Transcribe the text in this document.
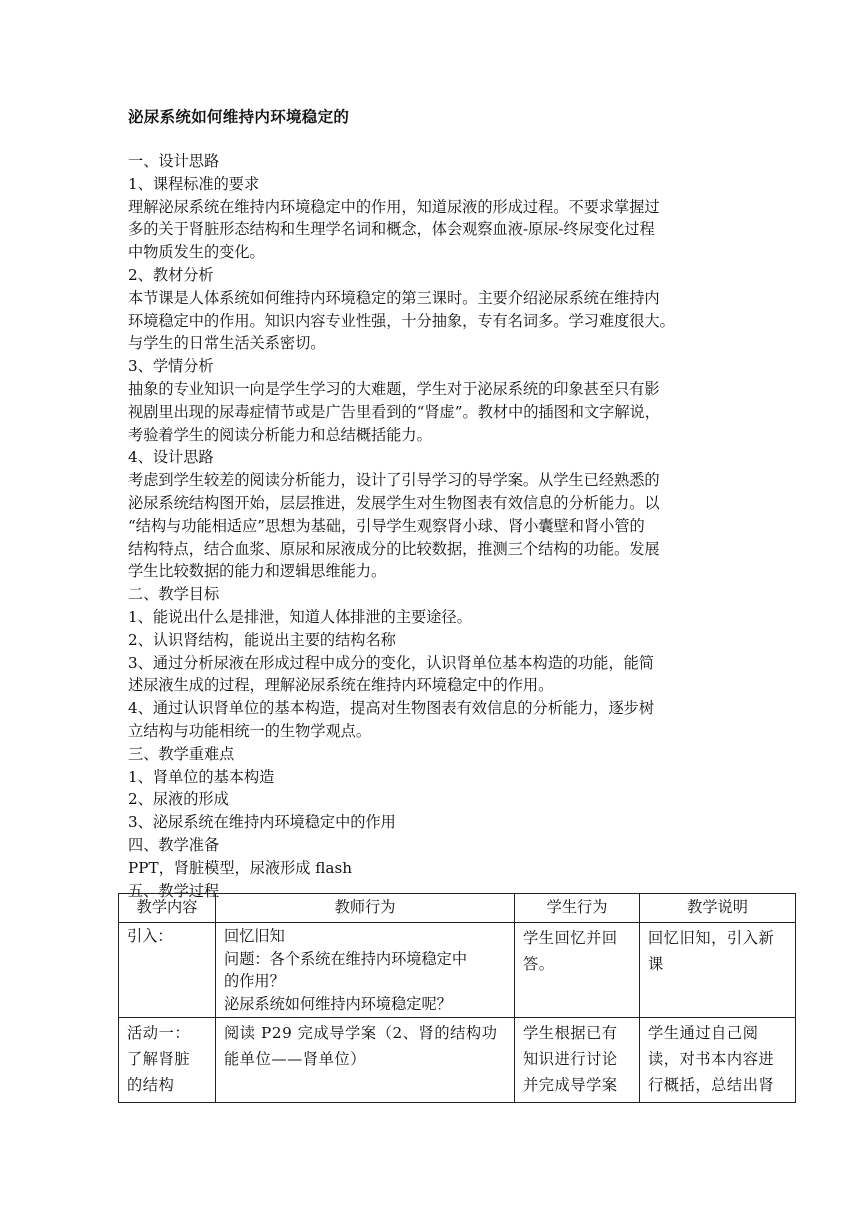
泌尿系统如何维持内环境稳定的

一、设计思路

1、课程标准的要求

理解泌尿系统在维持内环境稳定中的作用，知道尿液的形成过程。不要求掌握过

多的关于肾脏形态结构和生理学名词和概念，体会观察血液-原尿-终尿变化过程

中物质发生的变化。

2、教材分析

本节课是人体系统如何维持内环境稳定的第三课时。主要介绍泌尿系统在维持内

环境稳定中的作用。知识内容专业性强，十分抽象，专有名词多。学习难度很大。

与学生的日常生活关系密切。

3、学情分析

抽象的专业知识一向是学生学习的大难题，学生对于泌尿系统的印象甚至只有影

视剧里出现的尿毒症情节或是广告里看到的“肾虚”。教材中的插图和文字解说，

考验着学生的阅读分析能力和总结概括能力。

4、设计思路

考虑到学生较差的阅读分析能力，设计了引导学习的导学案。从学生已经熟悉的

泌尿系统结构图开始，层层推进，发展学生对生物图表有效信息的分析能力。以

“结构与功能相适应”思想为基础，引导学生观察肾小球、肾小囊壁和肾小管的

结构特点，结合血浆、原尿和尿液成分的比较数据，推测三个结构的功能。发展

学生比较数据的能力和逻辑思维能力。

二、教学目标

1、能说出什么是排泄，知道人体排泄的主要途径。

2、认识肾结构，能说出主要的结构名称

3、通过分析尿液在形成过程中成分的变化，认识肾单位基本构造的功能，能简

述尿液生成的过程，理解泌尿系统在维持内环境稳定中的作用。

4、通过认识肾单位的基本构造，提高对生物图表有效信息的分析能力，逐步树

立结构与功能相统一的生物学观点。

三、教学重难点

1、肾单位的基本构造

2、尿液的形成

3、泌尿系统在维持内环境稳定中的作用

四、教学准备

PPT，肾脏模型，尿液形成 flash

五、教学过程

教学内容	教师行为	学生行为	教学说明

引入：	回忆旧知
问题：各个系统在维持内环境稳定中
的作用？
泌尿系统如何维持内环境稳定呢？	学生回忆并回
答。	回忆旧知，引入新
课

活动一：
了解肾脏
的结构	阅读 P29 完成导学案（2、肾的结构功
能单位——肾单位）	学生根据已有
知识进行讨论
并完成导学案	学生通过自己阅
读，对书本内容进
行概括，总结出肾
